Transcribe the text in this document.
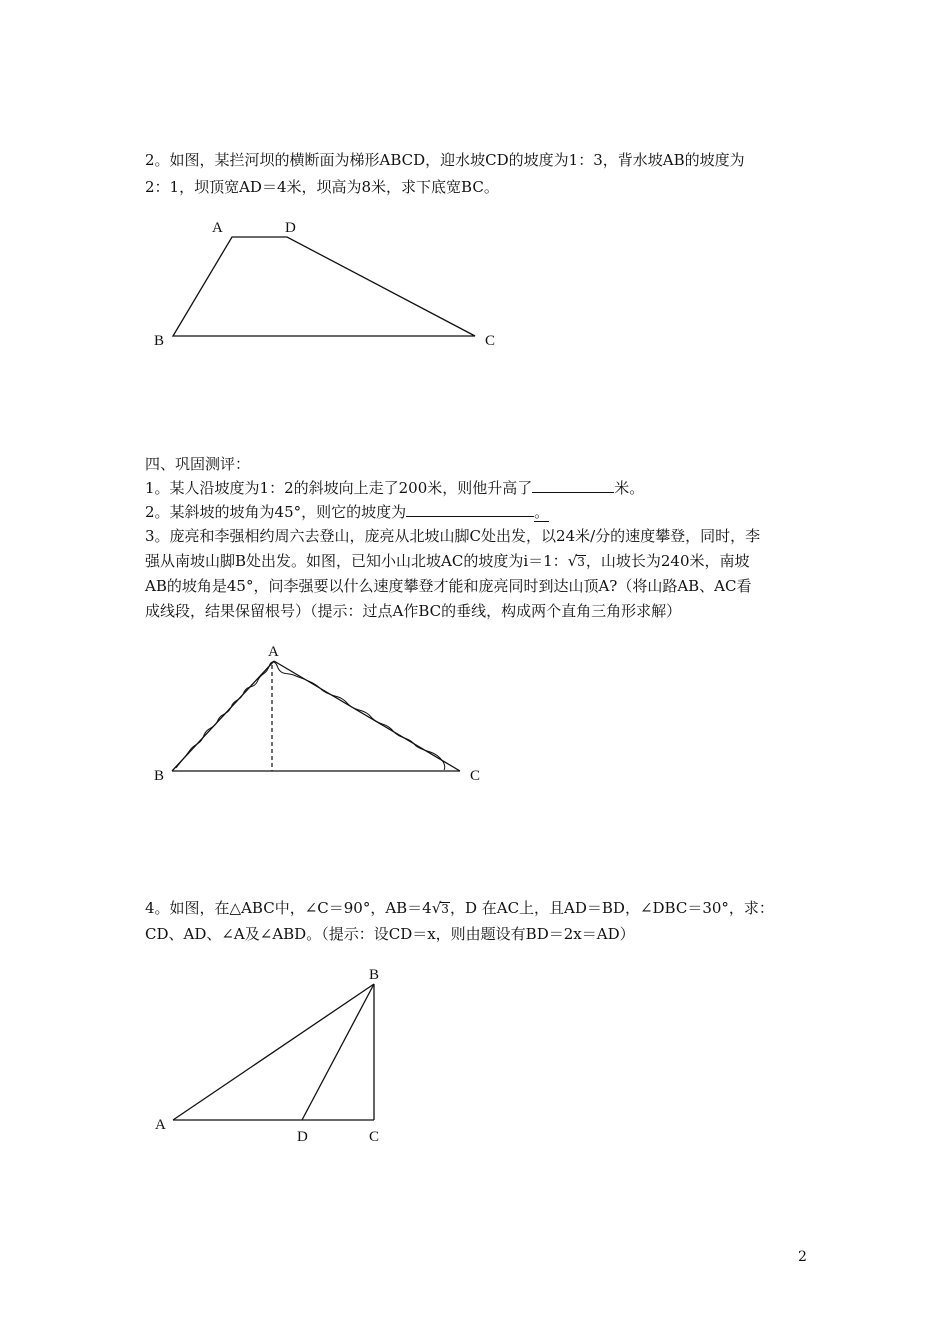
2。如图，某拦河坝的横断面为梯形ABCD，迎水坡CD的坡度为1：3，背水坡AB的坡度为
2：1，坝顶宽AD＝4米，坝高为8米，求下底宽BC。
四、巩固测评：
1。某人沿坡度为1：2的斜坡向上走了200米，则他升高了	米。
2。某斜坡的坡角为45°，则它的坡度为	。
3。庞亮和李强相约周六去登山，庞亮从北坡山脚C处出发，以24米/分的速度攀登，同时，李
强从南坡山脚B处出发。如图，已知小山北坡AC的坡度为i＝1：√3，山坡长为240米，南坡
AB的坡角是45°，问李强要以什么速度攀登才能和庞亮同时到达山顶A?（将山路AB、AC看
成线段，结果保留根号）（提示：过点A作BC的垂线，构成两个直角三角形求解）
4。如图，在△ABC中，∠C＝90°，AB＝4√3，D 在AC上，且AD＝BD，∠DBC＝30°，求：
CD、AD、∠A及∠ABD。（提示：设CD＝x，则由题设有BD＝2x＝AD）
A	D
B	C
A
B	C
B
A
D	C
2
